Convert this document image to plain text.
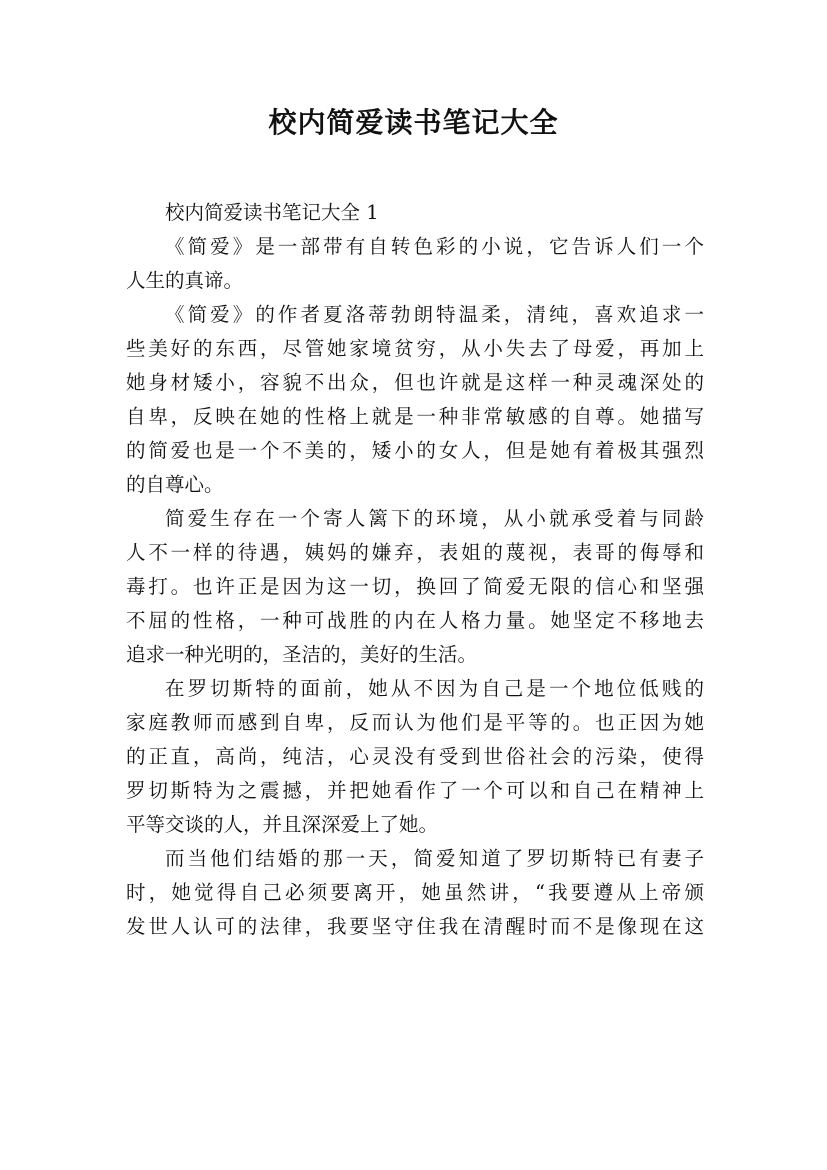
校内简爱读书笔记大全
校内简爱读书笔记大全 1
《简爱》是一部带有自转色彩的小说，它告诉人们一个
人生的真谛。
《简爱》的作者夏洛蒂勃朗特温柔，清纯，喜欢追求一
些美好的东西，尽管她家境贫穷，从小失去了母爱，再加上
她身材矮小，容貌不出众，但也许就是这样一种灵魂深处的
自卑，反映在她的性格上就是一种非常敏感的自尊。她描写
的简爱也是一个不美的，矮小的女人，但是她有着极其强烈
的自尊心。
简爱生存在一个寄人篱下的环境，从小就承受着与同龄
人不一样的待遇，姨妈的嫌弃，表姐的蔑视，表哥的侮辱和
毒打。也许正是因为这一切，换回了简爱无限的信心和坚强
不屈的性格，一种可战胜的内在人格力量。她坚定不移地去
追求一种光明的，圣洁的，美好的生活。
在罗切斯特的面前，她从不因为自己是一个地位低贱的
家庭教师而感到自卑，反而认为他们是平等的。也正因为她
的正直，高尚，纯洁，心灵没有受到世俗社会的污染，使得
罗切斯特为之震撼，并把她看作了一个可以和自己在精神上
平等交谈的人，并且深深爱上了她。
而当他们结婚的那一天，简爱知道了罗切斯特已有妻子
时，她觉得自己必须要离开，她虽然讲，“我要遵从上帝颁
发世人认可的法律，我要坚守住我在清醒时而不是像现在这
